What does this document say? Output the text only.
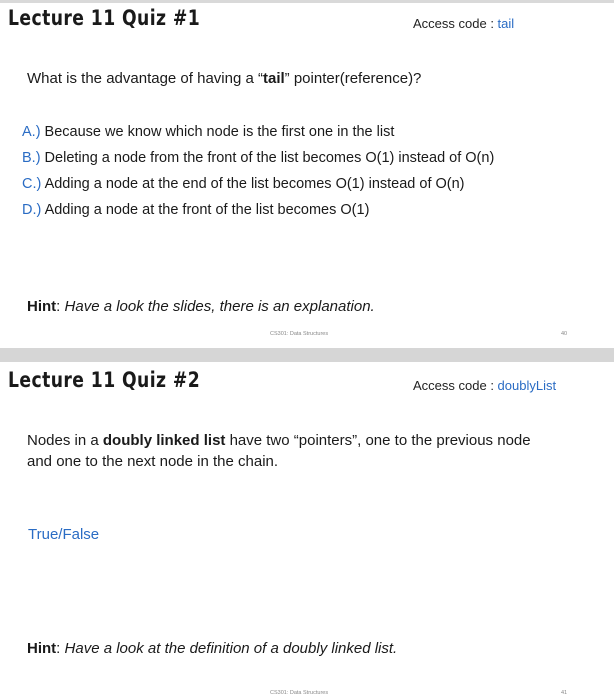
Lecture 11 Quiz #1	Access code : tail
What is the advantage of having a “tail” pointer(reference)?
A.) Because we know which node is the first one in the list
B.) Deleting a node from the front of the list becomes O(1) instead of O(n)
C.) Adding a node at the end of the list becomes O(1) instead of O(n)
D.) Adding a node at the front of the list becomes O(1)
Hint: Have a look the slides, there is an explanation.
CS301: Data Structures	40
Lecture 11 Quiz #2	Access code : doublyList
Nodes in a doubly linked list have two “pointers”, one to the previous node and one to the next node in the chain.
True/False
Hint: Have a look at the definition of a doubly linked list.
CS301: Data Structures	41
